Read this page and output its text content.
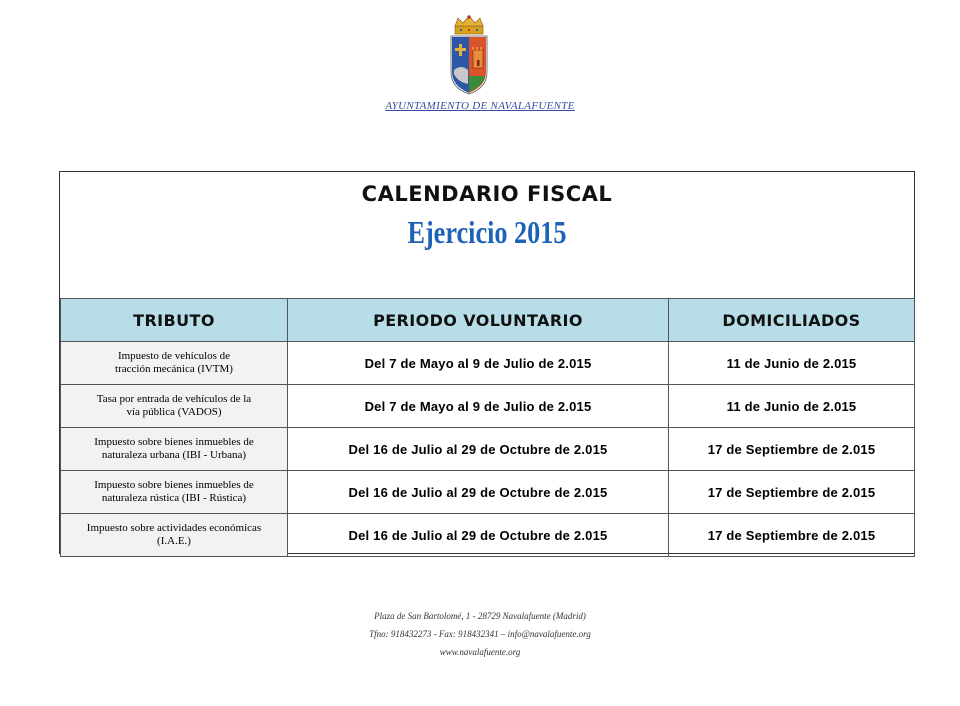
AYUNTAMIENTO DE NAVALAFUENTE
CALENDARIO FISCAL
Ejercicio 2015
TRIBUTO	PERIODO VOLUNTARIO	DOMICILIADOS

Impuesto de vehículos de
tracción mecánica (IVTM)	Del 7 de Mayo al 9 de Julio de 2.015	11 de Junio de 2.015

Tasa por entrada de vehículos de la
vía pública (VADOS)	Del 7 de Mayo al 9 de Julio de 2.015	11 de Junio de 2.015

Impuesto sobre bienes inmuebles de
naturaleza urbana (IBI - Urbana)	Del 16 de Julio al 29 de Octubre de 2.015	17 de Septiembre de 2.015

Impuesto sobre bienes inmuebles de
naturaleza rústica (IBI - Rústica)	Del 16 de Julio al 29 de Octubre de 2.015	17 de Septiembre de 2.015

Impuesto sobre actividades económicas
(I.A.E.)	Del 16 de Julio al 29 de Octubre de 2.015	17 de Septiembre de 2.015
Plaza de San Bartolomé, 1 - 28729 Navalafuente (Madrid)
Tfno: 918432273 - Fax: 918432341 – info@navalafuente.org
www.navalafuente.org
